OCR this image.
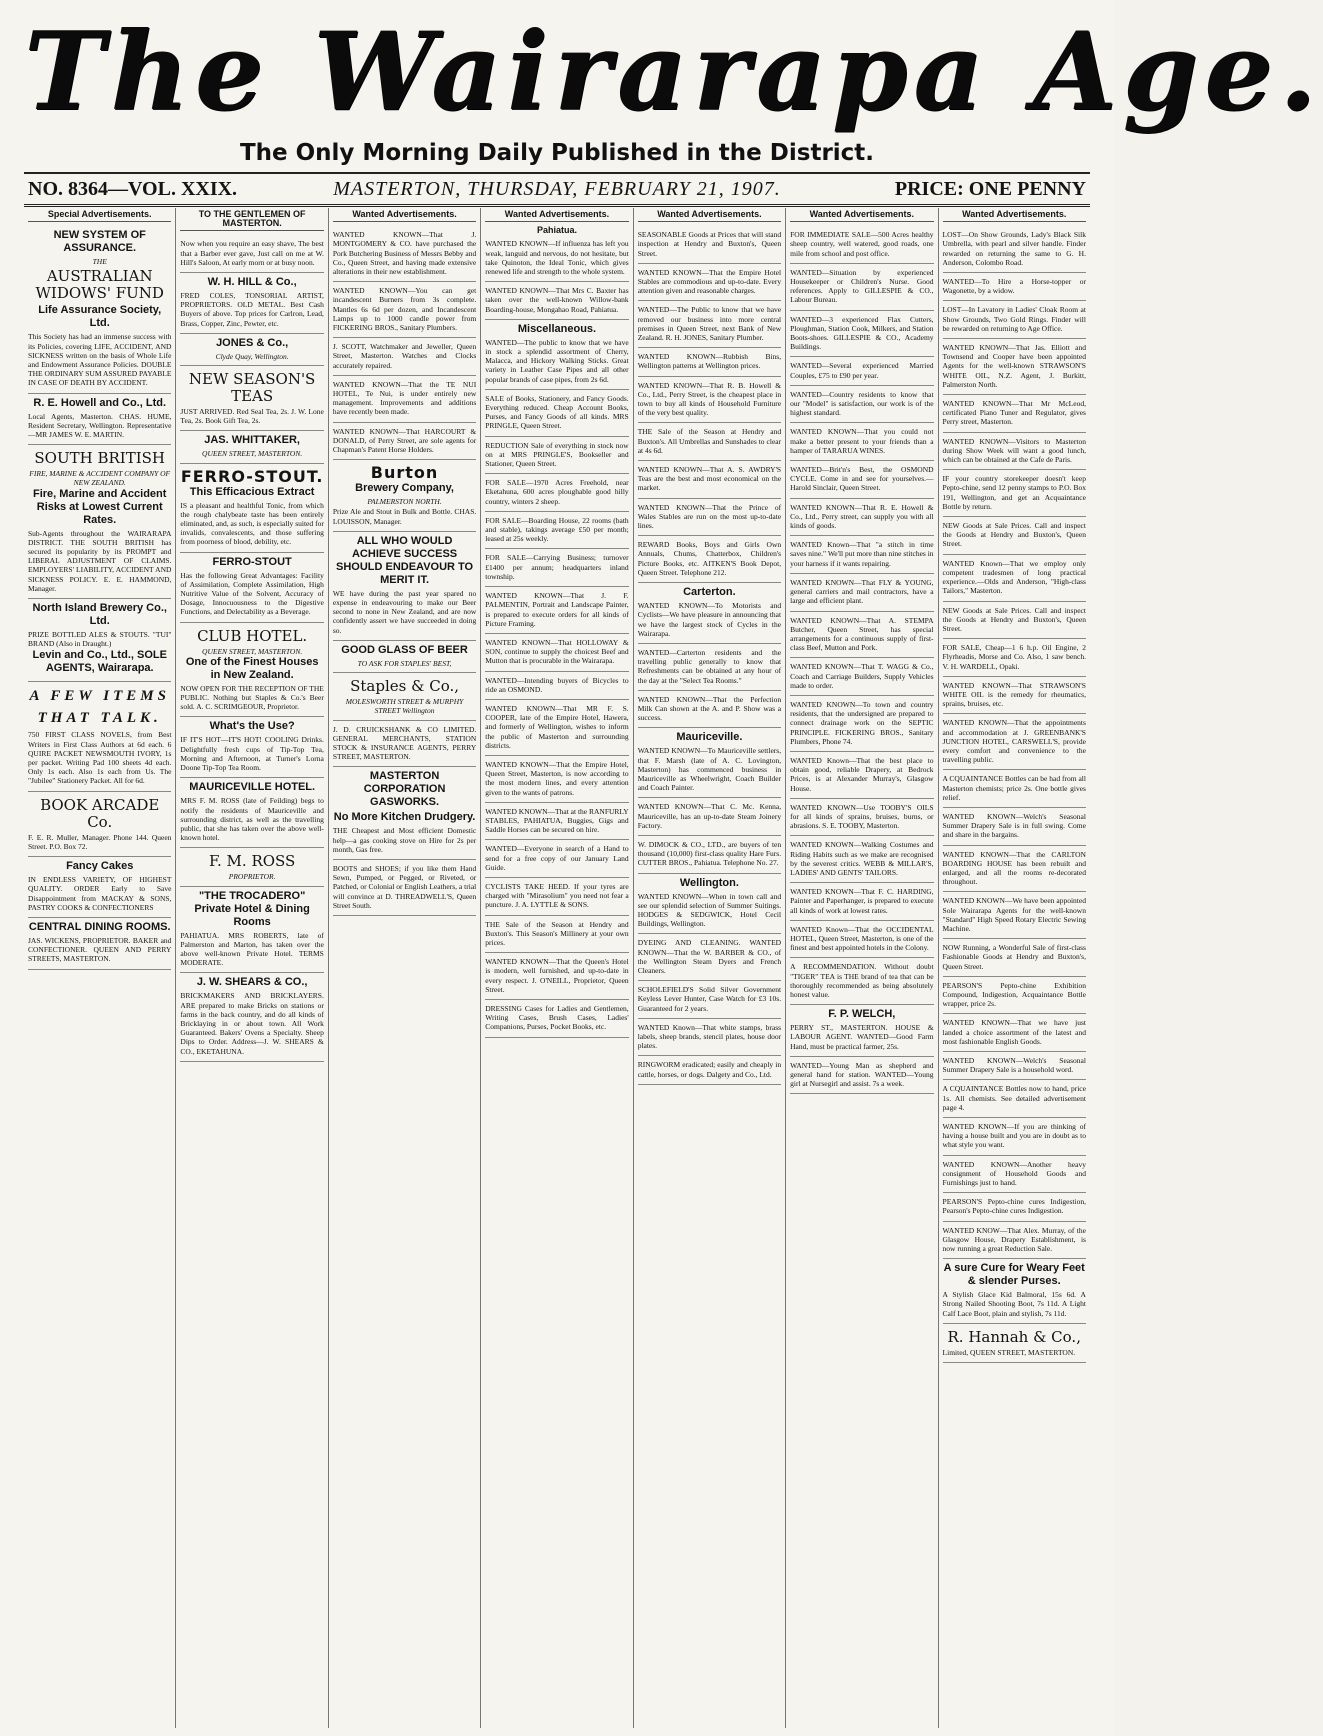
The Wairarapa Age.
The Only Morning Daily Published in the District.
NO. 8364—VOL. XXIX.	MASTERTON, THURSDAY, FEBRUARY 21, 1907.	PRICE: ONE PENNY
Special Advertisements.
NEW SYSTEM OF ASSURANCE.
THE
AUSTRALIAN WIDOWS' FUND
Life Assurance Society, Ltd.

This Society has had an immense success with its Policies, covering LIFE, ACCIDENT, AND SICKNESS written on the basis of Whole Life and Endowment Assurance Policies. DOUBLE THE ORDINARY SUM ASSURED PAYABLE IN CASE OF DEATH BY ACCIDENT.

R. E. Howell and Co., Ltd.

Local Agents, Masterton. CHAS. HUME, Resident Secretary, Wellington. Representative—MR JAMES W. E. MARTIN.

SOUTH BRITISH
FIRE, MARINE & ACCIDENT COMPANY OF NEW ZEALAND.
Fire, Marine and Accident Risks at Lowest Current Rates.

Sub-Agents throughout the WAIRARAPA DISTRICT. THE SOUTH BRITISH has secured its popularity by its PROMPT and LIBERAL ADJUSTMENT OF CLAIMS. EMPLOYERS' LIABILITY, ACCIDENT AND SICKNESS POLICY. E. E. HAMMOND, Manager.

North Island Brewery Co., Ltd.

PRIZE BOTTLED ALES & STOUTS. "TUI" BRAND (Also in Draught.)

Levin and Co., Ltd., SOLE AGENTS, Wairarapa.
A FEW ITEMS THAT TALK.

750 FIRST CLASS NOVELS, from Best Writers in First Class Authors at 6d each. 6 QUIRE PACKET NEWSMOUTH IVORY, 1s per packet. Writing Pad 100 sheets 4d each. Only 1s each. Also 1s each from Us. The "Jubilee" Stationery Packet. All for 6d.

BOOK ARCADE Co.

F. E. R. Muller, Manager. Phone 144. Queen Street. P.O. Box 72.

Fancy Cakes

IN ENDLESS VARIETY, OF HIGHEST QUALITY. ORDER Early to Save Disappointment from MACKAY & SONS, PASTRY COOKS & CONFECTIONERS

CENTRAL DINING ROOMS.

JAS. WICKENS, PROPRIETOR. BAKER and CONFECTIONER. QUEEN AND PERRY STREETS, MASTERTON.

TO THE GENTLEMEN OF MASTERTON.

Now when you require an easy shave, The best that a Barber ever gave, Just call on me at W. Hill's Saloon, At early morn or at busy noon.

W. H. HILL & Co.,

FRED COLES, TONSORIAL ARTIST, PROPRIETORS. OLD METAL. Best Cash Buyers of above. Top prices for Carlron, Lead, Brass, Copper, Zinc, Pewter, etc.

JONES & Co.,
Clyde Quay, Wellington.
NEW SEASON'S TEAS

JUST ARRIVED. Red Seal Tea, 2s. J. W. Lone Tea, 2s. Book Gift Tea, 2s.

JAS. WHITTAKER,
QUEEN STREET, MASTERTON.
FERRO-STOUT.
This Efficacious Extract

IS a pleasant and healthful Tonic, from which the rough chalybeate taste has been entirely eliminated, and, as such, is especially suited for invalids, convalescents, and those suffering from poorness of blood, debility, etc.

FERRO-STOUT

Has the following Great Advantages: Facility of Assimilation, Complete Assimilation, High Nutritive Value of the Solvent, Accuracy of Dosage, Innocuousness to the Digestive Functions, and Delectability as a Beverage.

CLUB HOTEL.
QUEEN STREET, MASTERTON.
One of the Finest Houses in New Zealand.

NOW OPEN FOR THE RECEPTION OF THE PUBLIC. Nothing but Staples & Co.'s Beer sold. A. C. SCRIMGEOUR, Proprietor.

What's the Use?

IF IT'S HOT—IT'S HOT! COOLING Drinks. Delightfully fresh cups of Tip-Top Tea, Morning and Afternoon, at Turner's Lorna Doone Tip-Top Tea Room.

MAURICEVILLE HOTEL.

MRS F. M. ROSS (late of Feilding) begs to notify the residents of Mauriceville and surrounding district, as well as the travelling public, that she has taken over the above well-known hotel.

F. M. ROSS
PROPRIETOR.
"THE TROCADERO" Private Hotel & Dining Rooms

PAHIATUA. MRS ROBERTS, late of Palmerston and Marton, has taken over the above well-known Private Hotel. TERMS MODERATE.

J. W. SHEARS & CO.,

BRICKMAKERS AND BRICKLAYERS. ARE prepared to make Bricks on stations or farms in the back country, and do all kinds of Bricklaying in or about town. All Work Guaranteed. Bakers' Ovens a Specialty. Sheep Dips to Order. Address—J. W. SHEARS & CO., EKETAHUNA.

Wanted Advertisements.

WANTED KNOWN—That J. MONTGOMERY & CO. have purchased the Pork Butchering Business of Messrs Bebby and Co., Queen Street, and having made extensive alterations in their new establishment.

WANTED KNOWN—You can get incandescent Burners from 3s complete. Mantles 6s 6d per dozen, and Incandescent Lamps up to 1000 candle power from FICKERING BROS., Sanitary Plumbers.

J. SCOTT, Watchmaker and Jeweller, Queen Street, Masterton. Watches and Clocks accurately repaired.

WANTED KNOWN—That the TE NUI HOTEL, Te Nui, is under entirely new management. Improvements and additions have recently been made.

WANTED KNOWN—That HARCOURT & DONALD, of Perry Street, are sole agents for Chapman's Patent Horse Holders.

Burton
Brewery Company,
PALMERSTON NORTH.

Prize Ale and Stout in Bulk and Bottle. CHAS. LOUISSON, Manager.

ALL WHO WOULD ACHIEVE SUCCESS SHOULD ENDEAVOUR TO MERIT IT.

WE have during the past year spared no expense in endeavouring to make our Beer second to none in New Zealand, and are now confidently assert we have succeeded in doing so.

GOOD GLASS OF BEER
TO ASK FOR STAPLES' BEST,
Staples & Co.,
MOLESWORTH STREET & MURPHY STREET Wellington

J. D. CRUICKSHANK & CO LIMITED. GENERAL MERCHANTS, STATION STOCK & INSURANCE AGENTS, PERRY STREET, MASTERTON.

MASTERTON CORPORATION GASWORKS.
No More Kitchen Drudgery.

THE Cheapest and Most efficient Domestic help—a gas cooking stove on Hire for 2s per month, Gas free.

BOOTS and SHOES; if you like them Hand Sewn, Pumped, or Pegged, or Riveted, or Patched, or Colonial or English Leathers, a trial will convince at D. THREADWELL'S, Queen Street South.

Wanted Advertisements.
Pahiatua.

WANTED KNOWN—If influenza has left you weak, languid and nervous, do not hesitate, but take Quinoton, the Ideal Tonic, which gives renewed life and strength to the whole system.

WANTED KNOWN—That Mrs C. Baxter has taken over the well-known Willow-bank Boarding-house, Mongahao Road, Pahiatua.

Miscellaneous.

WANTED—The public to know that we have in stock a splendid assortment of Cherry, Malacca, and Hickory Walking Sticks. Great variety in Leather Case Pipes and all other popular brands of case pipes, from 2s 6d.

SALE of Books, Stationery, and Fancy Goods. Everything reduced. Cheap Account Books, Purses, and Fancy Goods of all kinds. MRS PRINGLE, Queen Street.

REDUCTION Sale of everything in stock now on at MRS PRINGLE'S, Bookseller and Stationer, Queen Street.

FOR SALE—1970 Acres Freehold, near Eketahuna, 600 acres ploughable good hilly country, winters 2 sheep.

FOR SALE—Boarding House, 22 rooms (bath and stable), takings average £50 per month; leased at 25s weekly.

FOR SALE—Carrying Business; turnover £1400 per annum; headquarters inland township.

WANTED KNOWN—That J. F. PALMENTIN, Portrait and Landscape Painter, is prepared to execute orders for all kinds of Picture Framing.

WANTED KNOWN—That HOLLOWAY & SON, continue to supply the choicest Beef and Mutton that is procurable in the Wairarapa.

WANTED—Intending buyers of Bicycles to ride an OSMOND.

WANTED KNOWN—That MR F. S. COOPER, late of the Empire Hotel, Hawera, and formerly of Wellington, wishes to inform the public of Masterton and surrounding districts.

WANTED KNOWN—That the Empire Hotel, Queen Street, Masterton, is now according to the most modern lines, and every attention given to the wants of patrons.

WANTED KNOWN—That at the RANFURLY STABLES, PAHIATUA, Buggies, Gigs and Saddle Horses can be secured on hire.

WANTED—Everyone in search of a Hand to send for a free copy of our January Land Guide.

CYCLISTS TAKE HEED. If your tyres are charged with "Mirasolium" you need not fear a puncture. J. A. LYTTLE & SONS.

THE Sale of the Season at Hendry and Buxton's. This Season's Millinery at your own prices.

WANTED KNOWN—That the Queen's Hotel is modern, well furnished, and up-to-date in every respect. J. O'NEILL, Proprietor, Queen Street.

DRESSING Cases for Ladies and Gentlemen, Writing Cases, Brush Cases, Ladies' Companions, Purses, Pocket Books, etc.

Wanted Advertisements.

SEASONABLE Goods at Prices that will stand inspection at Hendry and Buxton's, Queen Street.

WANTED KNOWN—That the Empire Hotel Stables are commodious and up-to-date. Every attention given and reasonable charges.

WANTED—The Public to know that we have removed our business into more central premises in Queen Street, next Bank of New Zealand. R. H. JONES, Sanitary Plumber.

WANTED KNOWN—Rubbish Bins, Wellington patterns at Wellington prices.

WANTED KNOWN—That R. B. Howell & Co., Ltd., Perry Street, is the cheapest place in town to buy all kinds of Household Furniture of the very best quality.

THE Sale of the Season at Hendry and Buxton's. All Umbrellas and Sunshades to clear at 4s 6d.

WANTED KNOWN—That A. S. AWDRY'S Teas are the best and most economical on the market.

WANTED KNOWN—That the Prince of Wales Stables are run on the most up-to-date lines.

REWARD Books, Boys and Girls Own Annuals, Chums, Chatterbox, Children's Picture Books, etc. AITKEN'S Book Depot, Queen Street. Telephone 212.

Carterton.

WANTED KNOWN—To Motorists and Cyclists—We have pleasure in announcing that we have the largest stock of Cycles in the Wairarapa.

WANTED—Carterton residents and the travelling public generally to know that Refreshments can be obtained at any hour of the day at the "Select Tea Rooms."

WANTED KNOWN—That the Perfection Milk Can shown at the A. and P. Show was a success.

Mauriceville.

WANTED KNOWN—To Mauriceville settlers, that F. Marsh (late of A. C. Lovington, Masterton) has commenced business in Mauriceville as Wheelwright, Coach Builder and Coach Painter.

WANTED KNOWN—That C. Mc. Kenna, Mauriceville, has an up-to-date Steam Joinery Factory.

W. DIMOCK & CO., LTD., are buyers of ten thousand (10,000) first-class quality Hare Furs. CUTTER BROS., Pahiatua. Telephone No. 27.

Wellington.

WANTED KNOWN—When in town call and see our splendid selection of Summer Suitings. HODGES & SEDGWICK, Hotel Cecil Buildings, Wellington.

DYEING AND CLEANING. WANTED KNOWN—That the W. BARBER & CO., of the Wellington Steam Dyers and French Cleaners.

SCHOLEFIELD'S Solid Silver Government Keyless Lever Hunter, Case Watch for £3 10s. Guaranteed for 2 years.

WANTED Known—That white stamps, brass labels, sheep brands, stencil plates, house door plates.

RINGWORM eradicated; easily and cheaply in cattle, horses, or dogs. Dalgety and Co., Ltd.

Wanted Advertisements.

FOR IMMEDIATE SALE—500 Acres healthy sheep country, well watered, good roads, one mile from school and post office.

WANTED—Situation by experienced Housekeeper or Children's Nurse. Good references. Apply to GILLESPIE & CO., Labour Bureau.

WANTED—3 experienced Flax Cutters, Ploughman, Station Cook, Milkers, and Station Boots-shoes. GILLESPIE & CO., Academy Buildings.

WANTED—Several experienced Married Couples, £75 to £90 per year.

WANTED—Country residents to know that our "Model" is satisfaction, our work is of the highest standard.

WANTED KNOWN—That you could not make a better present to your friends than a hamper of TARARUA WINES.

WANTED—Brit'n's Best, the OSMOND CYCLE. Come in and see for yourselves.—Harold Sinclair, Queen Street.

WANTED KNOWN—That R. E. Howell & Co., Ltd., Perry street, can supply you with all kinds of goods.

WANTED Known—That "a stitch in time saves nine." We'll put more than nine stitches in your harness if it wants repairing.

WANTED KNOWN—That FLY & YOUNG, general carriers and mail contractors, have a large and efficient plant.

WANTED KNOWN—That A. STEMPA Butcher, Queen Street, has special arrangements for a continuous supply of first-class Beef, Mutton and Pork.

WANTED KNOWN—That T. WAGG & Co., Coach and Carriage Builders, Supply Vehicles made to order.

WANTED KNOWN—To town and country residents, that the undersigned are prepared to connect drainage work on the SEPTIC PRINCIPLE. FICKERING BROS., Sanitary Plumbers, Phone 74.

WANTED Known—That the best place to obtain good, reliable Drapery, at Bedrock Prices, is at Alexander Murray's, Glasgow House.

WANTED KNOWN—Use TOOBY'S OILS for all kinds of sprains, bruises, burns, or abrasions. S. E. TOOBY, Masterton.

WANTED KNOWN—Walking Costumes and Riding Habits such as we make are recognised by the severest critics. WEBB & MILLAR'S, LADIES' AND GENTS' TAILORS.

WANTED KNOWN—That F. C. HARDING, Painter and Paperhanger, is prepared to execute all kinds of work at lowest rates.

WANTED Known—That the OCCIDENTAL HOTEL, Queen Street, Masterton, is one of the finest and best appointed hotels in the Colony.

A RECOMMENDATION. Without doubt "TIGER" TEA is THE brand of tea that can be thoroughly recommended as being absolutely honest value.

F. P. WELCH,

PERRY ST., MASTERTON. HOUSE & LABOUR AGENT. WANTED—Good Farm Hand, must be practical farmer, 25s.

WANTED—Young Man as shepherd and general hand for station. WANTED—Young girl at Nursegirl and assist. 7s a week.

Wanted Advertisements.

LOST—On Show Grounds, Lady's Black Silk Umbrella, with pearl and silver handle. Finder rewarded on returning the same to G. H. Anderson, Colombo Road.

WANTED—To Hire a Horse-topper or Wagonette, by a widow.

LOST—In Lavatory in Ladies' Cloak Room at Show Grounds, Two Gold Rings. Finder will be rewarded on returning to Age Office.

WANTED KNOWN—That Jas. Elliott and Townsend and Cooper have been appointed Agents for the well-known STRAWSON'S WHITE OIL, N.Z. Agent, J. Burkitt, Palmerston North.

WANTED KNOWN—That Mr McLeod, certificated Piano Tuner and Regulator, gives Perry street, Masterton.

WANTED KNOWN—Visitors to Masterton during Show Week will want a good lunch, which can be obtained at the Cafe de Paris.

IF your country storekeeper doesn't keep Pepto-chine, send 12 penny stamps to P.O. Box 191, Wellington, and get an Acquaintance Bottle by return.

NEW Goods at Sale Prices. Call and inspect the Goods at Hendry and Buxton's, Queen Street.

WANTED Known—That we employ only competent tradesmen of long practical experience.—Olds and Anderson, "High-class Tailors," Masterton.

NEW Goods at Sale Prices. Call and inspect the Goods at Hendry and Buxton's, Queen Street.

FOR SALE, Cheap—1 6 h.p. Oil Engine, 2 Flyrheadis, Morse and Co. Also, 1 saw bench. V. H. WARDELL, Opaki.

WANTED KNOWN—That STRAWSON'S WHITE OIL is the remedy for rheumatics, sprains, bruises, etc.

WANTED KNOWN—That the appointments and accommodation at J. GREENBANK'S JUNCTION HOTEL, CARSWELL'S, provide every comfort and convenience to the travelling public.

A CQUAINTANCE Bottles can be had from all Masterton chemists; price 2s. One bottle gives relief.

WANTED KNOWN—Welch's Seasonal Summer Drapery Sale is in full swing. Come and share in the bargains.

WANTED KNOWN—That the CARLTON BOARDING HOUSE has been rebuilt and enlarged, and all the rooms re-decorated throughout.

WANTED KNOWN—We have been appointed Sole Wairarapa Agents for the well-known "Standard" High Speed Rotary Electric Sewing Machine.

NOW Running, a Wonderful Sale of first-class Fashionable Goods at Hendry and Buxton's, Queen Street.

PEARSON'S Pepto-chine Exhibition Compound, Indigestion, Acquaintance Bottle wrapper, price 2s.

WANTED KNOWN—That we have just landed a choice assortment of the latest and most fashionable English Goods.

WANTED KNOWN—Welch's Seasonal Summer Drapery Sale is a household word.

A CQUAINTANCE Bottles now to hand, price 1s. All chemists. See detailed advertisement page 4.

WANTED KNOWN—If you are thinking of having a house built and you are in doubt as to what style you want.

WANTED KNOWN—Another heavy consignment of Household Goods and Furnishings just to hand.

PEARSON'S Pepto-chine cures Indigestion, Pearson's Pepto-chine cures Indigestion.

WANTED KNOW—That Alex. Murray, of the Glasgow House, Drapery Establishment, is now running a great Reduction Sale.

A sure Cure for Weary Feet & slender Purses.

A Stylish Glace Kid Balmoral, 15s 6d. A Strong Nailed Shooting Boot, 7s 11d. A Light Calf Lace Boot, plain and stylish, 7s 11d.

R. Hannah & Co.,

Limited, QUEEN STREET, MASTERTON.
